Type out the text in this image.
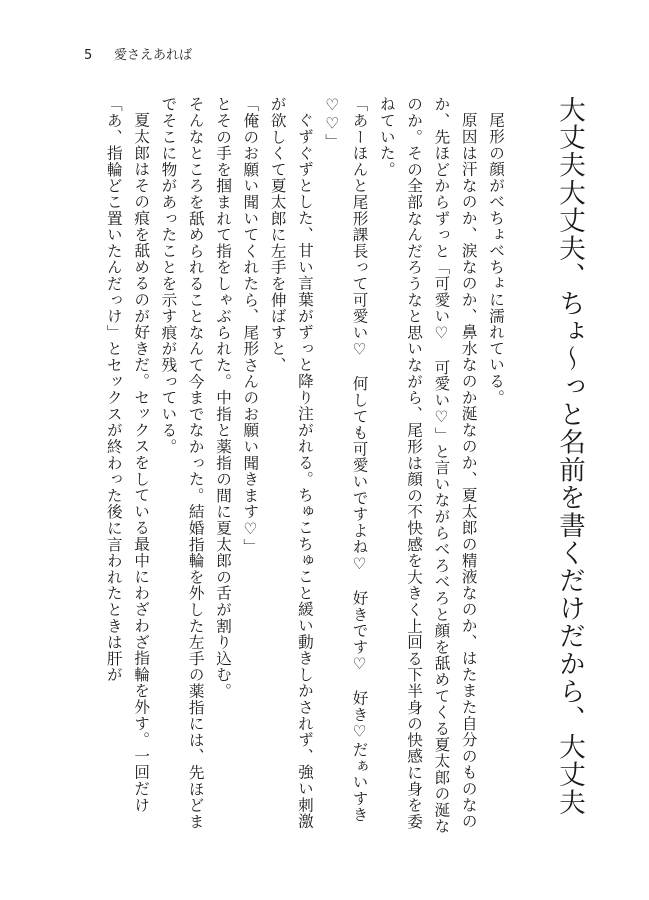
5 愛さえあれば
大丈夫大丈夫、ちょ～っと名前を書くだけだから、大丈夫

尾形の顔がべちょべちょに濡れている。

原因は汗なのか、涙なのか、鼻水なのか涎なのか、夏太郎の精液なのか、はたまた自分のものなのか、先ほどからずっと「可愛い♡　可愛い♡」と言いながらべろべろと顔を舐めてくる夏太郎の涎なのか。その全部なんだろうなと思いながら、尾形は顔の不快感を大きく上回る下半身の快感に身を委ねていた。

「あーほんと尾形課長って可愛い♡　何しても可愛いですよね♡　好きです♡　好き♡だぁいすき♡♡」

ぐずぐずとした、甘い言葉がずっと降り注がれる。ちゅこちゅこと緩い動きしかされず、強い刺激が欲しくて夏太郎に左手を伸ばすと、

「俺のお願い聞いてくれたら、尾形さんのお願い聞きます♡」

とその手を掴まれて指をしゃぶられた。中指と薬指の間に夏太郎の舌が割り込む。

そんなところを舐められることなんて今までなかった。結婚指輪を外した左手の薬指には、先ほどまでそこに物があったことを示す痕が残っている。

夏太郎はその痕を舐めるのが好きだ。セックスをしている最中にわざわざ指輪を外す。一回だけ「あ、指輪どこ置いたんだっけ」とセックスが終わった後に言われたときは肝が
